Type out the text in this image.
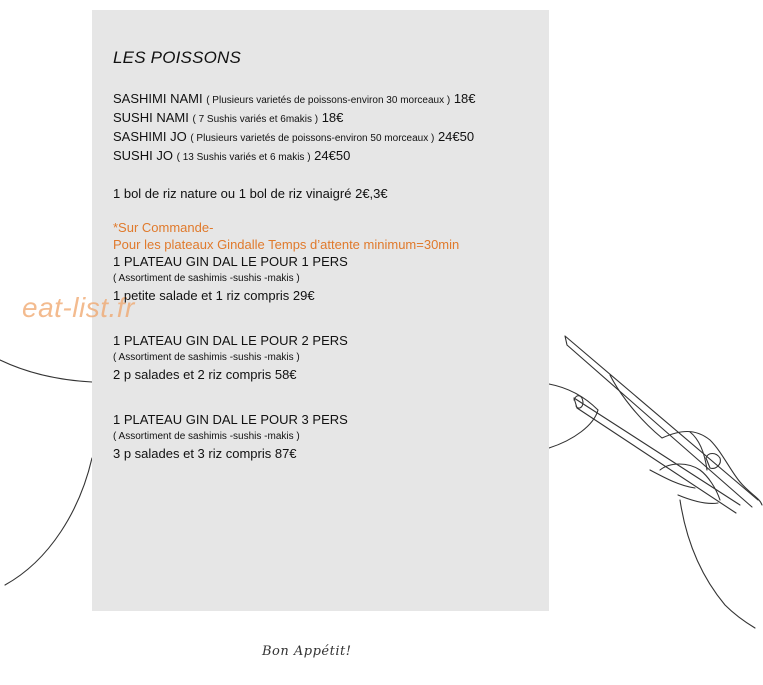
eat-list.fr
LES POISSONS
SASHIMI NAMI ( Plusieurs varietés de poissons-environ 30 morceaux ) 18€
SUSHI NAMI ( 7 Sushis variés et 6makis ) 18€
SASHIMI JO ( Plusieurs varietés de poissons-environ 50 morceaux ) 24€50
SUSHI JO ( 13 Sushis variés et 6 makis ) 24€50
1 bol de riz nature ou 1 bol de riz vinaigré 2€,3€
*Sur Commande-
Pour les plateaux Gindalle Temps d’attente minimum=30min
1 PLATEAU GIN DAL LE POUR 1 PERS
( Assortiment de sashimis -sushis -makis )
1 petite salade et 1 riz compris 29€
1 PLATEAU GIN DAL LE POUR 2 PERS
( Assortiment de sashimis -sushis -makis )
2 p salades et 2 riz compris 58€
1 PLATEAU GIN DAL LE POUR 3 PERS
( Assortiment de sashimis -sushis -makis )
3 p salades et 3 riz compris 87€
Bon Appétit!
